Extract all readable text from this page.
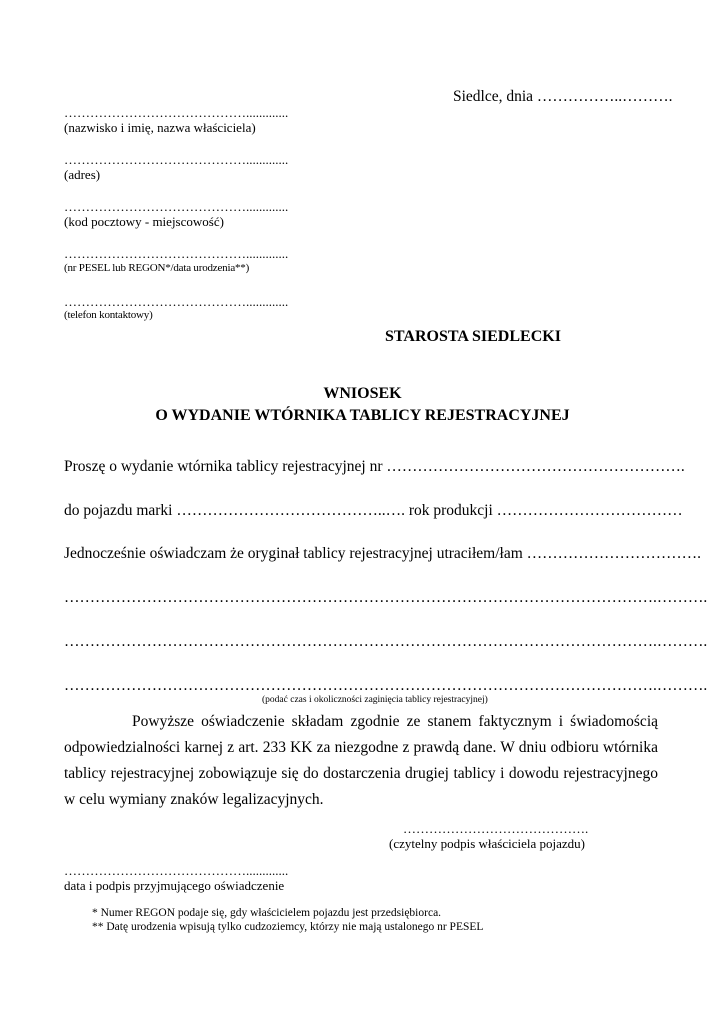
Siedlce, dnia ……………..……….
…………………………………….............
(nazwisko i imię, nazwa właściciela)
…………………………………….............
(adres)
…………………………………….............
(kod pocztowy - miejscowość)
…………………………………….............
(nr PESEL lub REGON*/data urodzenia**)
…………………………………….............
(telefon kontaktowy)
STAROSTA SIEDLECKI
WNIOSEK
O WYDANIE WTÓRNIKA TABLICY REJESTRACYJNEJ
Proszę o wydanie wtórnika tablicy rejestracyjnej nr ………………………………………………….
do pojazdu marki …………………………………..…. rok produkcji ………………………………
Jednocześnie oświadczam że oryginał tablicy rejestracyjnej utraciłem/łam …………………………….
…………………………………………………………………………………………………….……….
…………………………………………………………………………………………………….……….
…………………………………………………………………………………………………….……….
(podać czas i okoliczności zaginięcia tablicy rejestracyjnej)
Powyższe oświadczenie składam zgodnie ze stanem faktycznym i świadomością
odpowiedzialności karnej z art. 233 KK za niezgodne z prawdą dane. W dniu odbioru wtórnika
tablicy rejestracyjnej zobowiązuje się do dostarczenia drugiej tablicy i dowodu rejestracyjnego
w celu wymiany znaków legalizacyjnych.
…………………………………….
(czytelny podpis właściciela pojazdu)
…………………………………….............
data i podpis przyjmującego oświadczenie
* Numer REGON podaje się, gdy właścicielem pojazdu jest przedsiębiorca.
** Datę urodzenia wpisują tylko cudzoziemcy, którzy nie mają ustalonego nr PESEL
